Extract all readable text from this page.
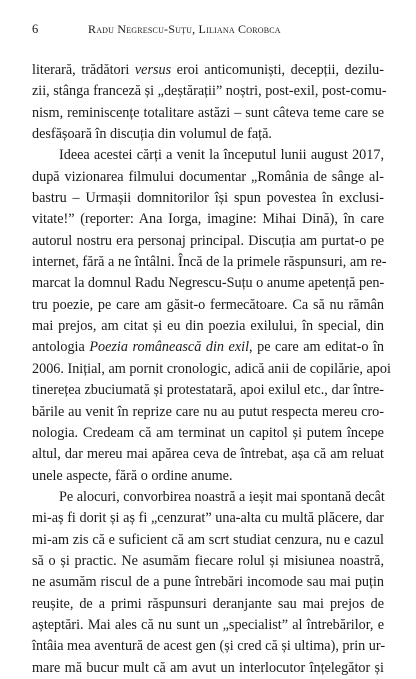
6	Radu Negrescu-Suțu, Liliana Corobca
literară, trădători versus eroi anticomuniști, decepții, dezilu-
zii, stânga franceză și „deștărații” noștri, post-exil, post-comu-
nism, reminiscențe totalitare astăzi – sunt câteva teme care se
desfășoară în discuția din volumul de față.
Ideea acestei cărți a venit la începutul lunii august 2017,
după vizionarea filmului documentar „România de sânge al-
bastru – Urmașii domnitorilor își spun povestea în exclusi-
vitate!” (reporter: Ana Iorga, imagine: Mihai Dină), în care
autorul nostru era personaj principal. Discuția am purtat-o pe
internet, fără a ne întâlni. Încă de la primele răspunsuri, am re-
marcat la domnul Radu Negrescu-Suțu o anume apetență pen-
tru poezie, pe care am găsit-o fermecătoare. Ca să nu rămân
mai prejos, am citat și eu din poezia exilului, în special, din
antologia Poezia românească din exil, pe care am editat-o în
2006. Inițial, am pornit cronologic, adică anii de copilărie, apoi
tinerețea zbuciumată și protestatară, apoi exilul etc., dar între-
bările au venit în reprize care nu au putut respecta mereu cro-
nologia. Credeam că am terminat un capitol și putem începe
altul, dar mereu mai apărea ceva de întrebat, așa că am reluat
unele aspecte, fără o ordine anume.
Pe alocuri, convorbirea noastră a ieșit mai spontană decât
mi-aș fi dorit și aș fi „cenzurat” una-alta cu multă plăcere, dar
mi-am zis că e suficient că am scrt studiat cenzura, nu e cazul
să o și practic. Ne asumăm fiecare rolul și misiunea noastră,
ne asumăm riscul de a pune întrebări incomode sau mai puțin
reușite, de a primi răspunsuri deranjante sau mai prejos de
așteptări. Mai ales că nu sunt un „specialist” al întrebărilor, e
întâia mea aventură de acest gen (și cred că și ultima), prin ur-
mare mă bucur mult că am avut un interlocutor înțelegător și
